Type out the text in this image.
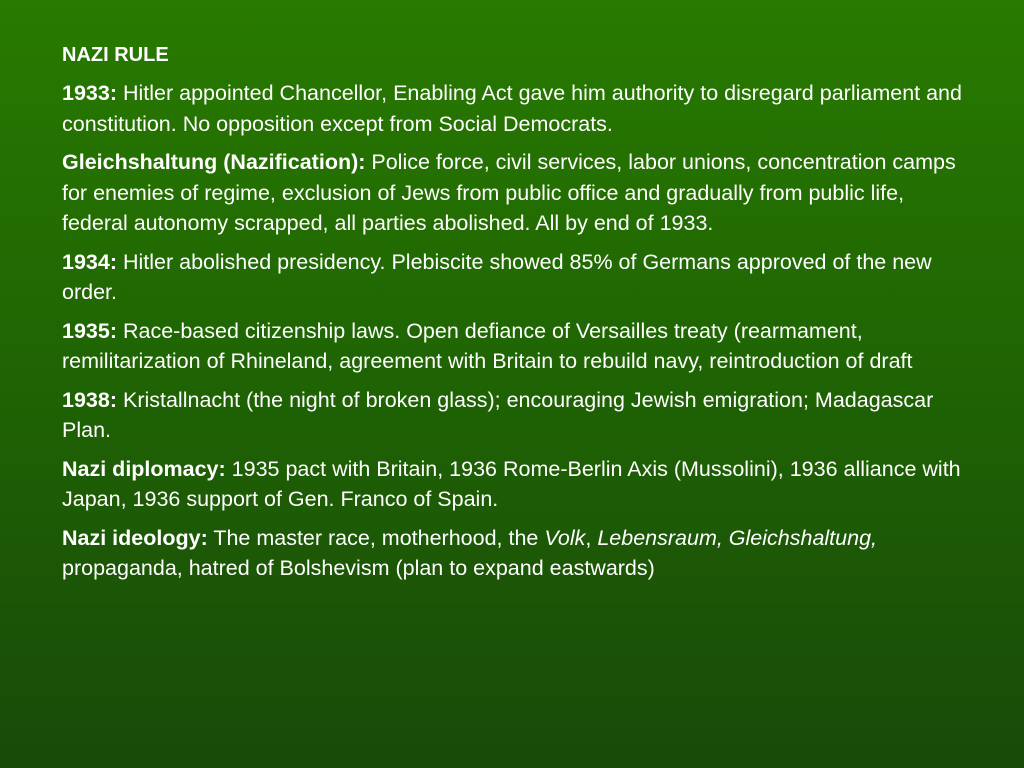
NAZI RULE

1933: Hitler appointed Chancellor, Enabling Act gave him authority to disregard parliament and constitution. No opposition except from Social Democrats.

Gleichshaltung (Nazification): Police force, civil services, labor unions, concentration camps for enemies of regime, exclusion of Jews from public office and gradually from public life, federal autonomy scrapped, all parties abolished. All by end of 1933.

1934: Hitler abolished presidency. Plebiscite showed 85% of Germans approved of the new order.

1935: Race-based citizenship laws. Open defiance of Versailles treaty (rearmament, remilitarization of Rhineland, agreement with Britain to rebuild navy, reintroduction of draft

1938: Kristallnacht (the night of broken glass); encouraging Jewish emigration; Madagascar Plan.

Nazi diplomacy: 1935 pact with Britain, 1936 Rome-Berlin Axis (Mussolini), 1936 alliance with Japan, 1936 support of Gen. Franco of Spain.

Nazi ideology: The master race, motherhood, the Volk, Lebensraum, Gleichshaltung, propaganda, hatred of Bolshevism (plan to expand eastwards)
